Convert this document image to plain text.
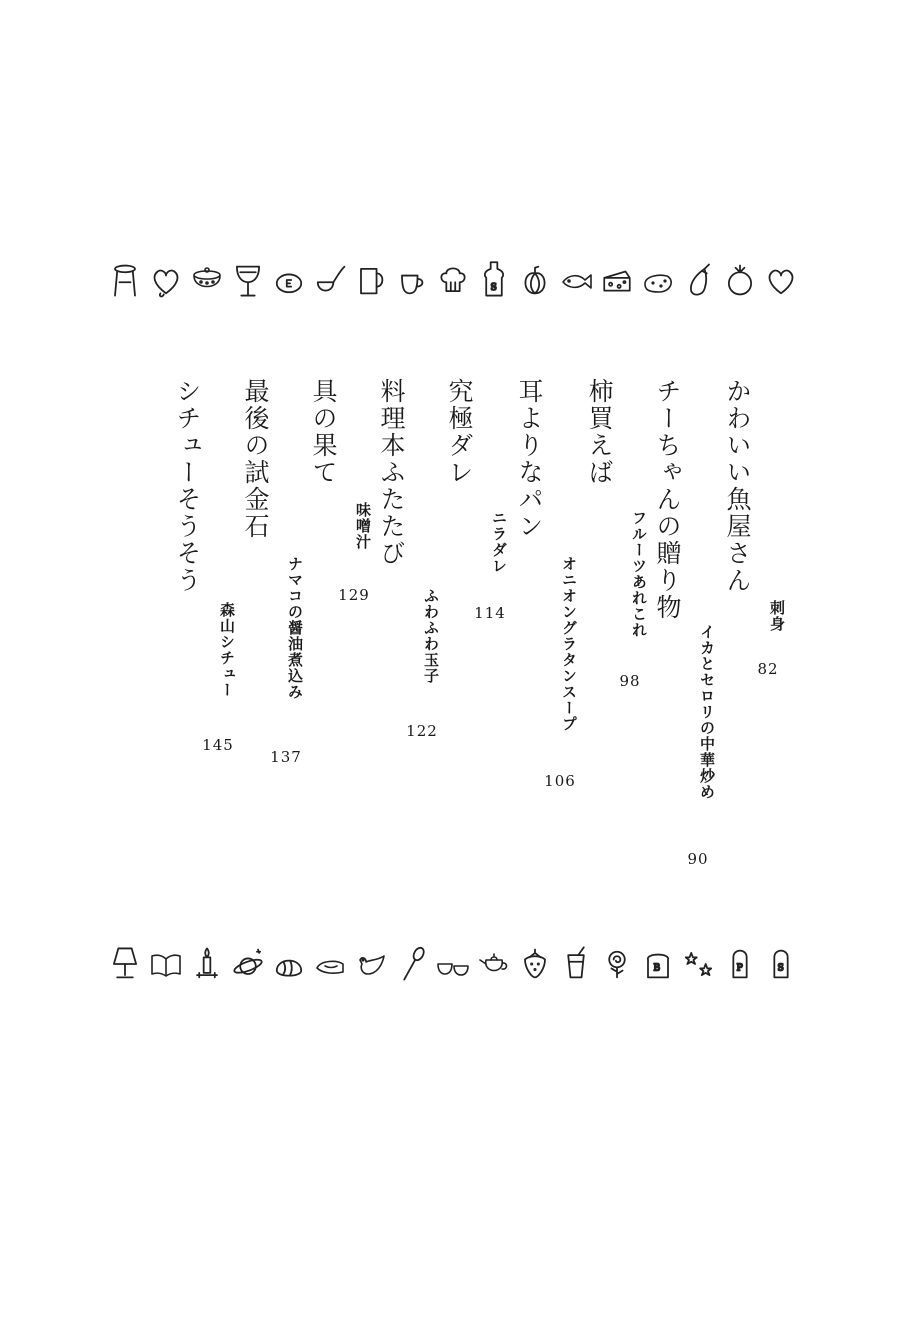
S
かわいい魚屋さん
刺身
82
チーちゃんの贈り物
イカとセロリの中華炒め
90
柿買えば
フルーツあれこれ
98
耳よりなパン
オニオングラタンスープ
106
究極ダレ
ニラダレ
114
料理本ふたたび
ふわふわ玉子
122
具の果て
味噌汁
129
最後の試金石
ナマコの醤油煮込み
137
シチューそうそう
森山シチュー
145
B	P	S
